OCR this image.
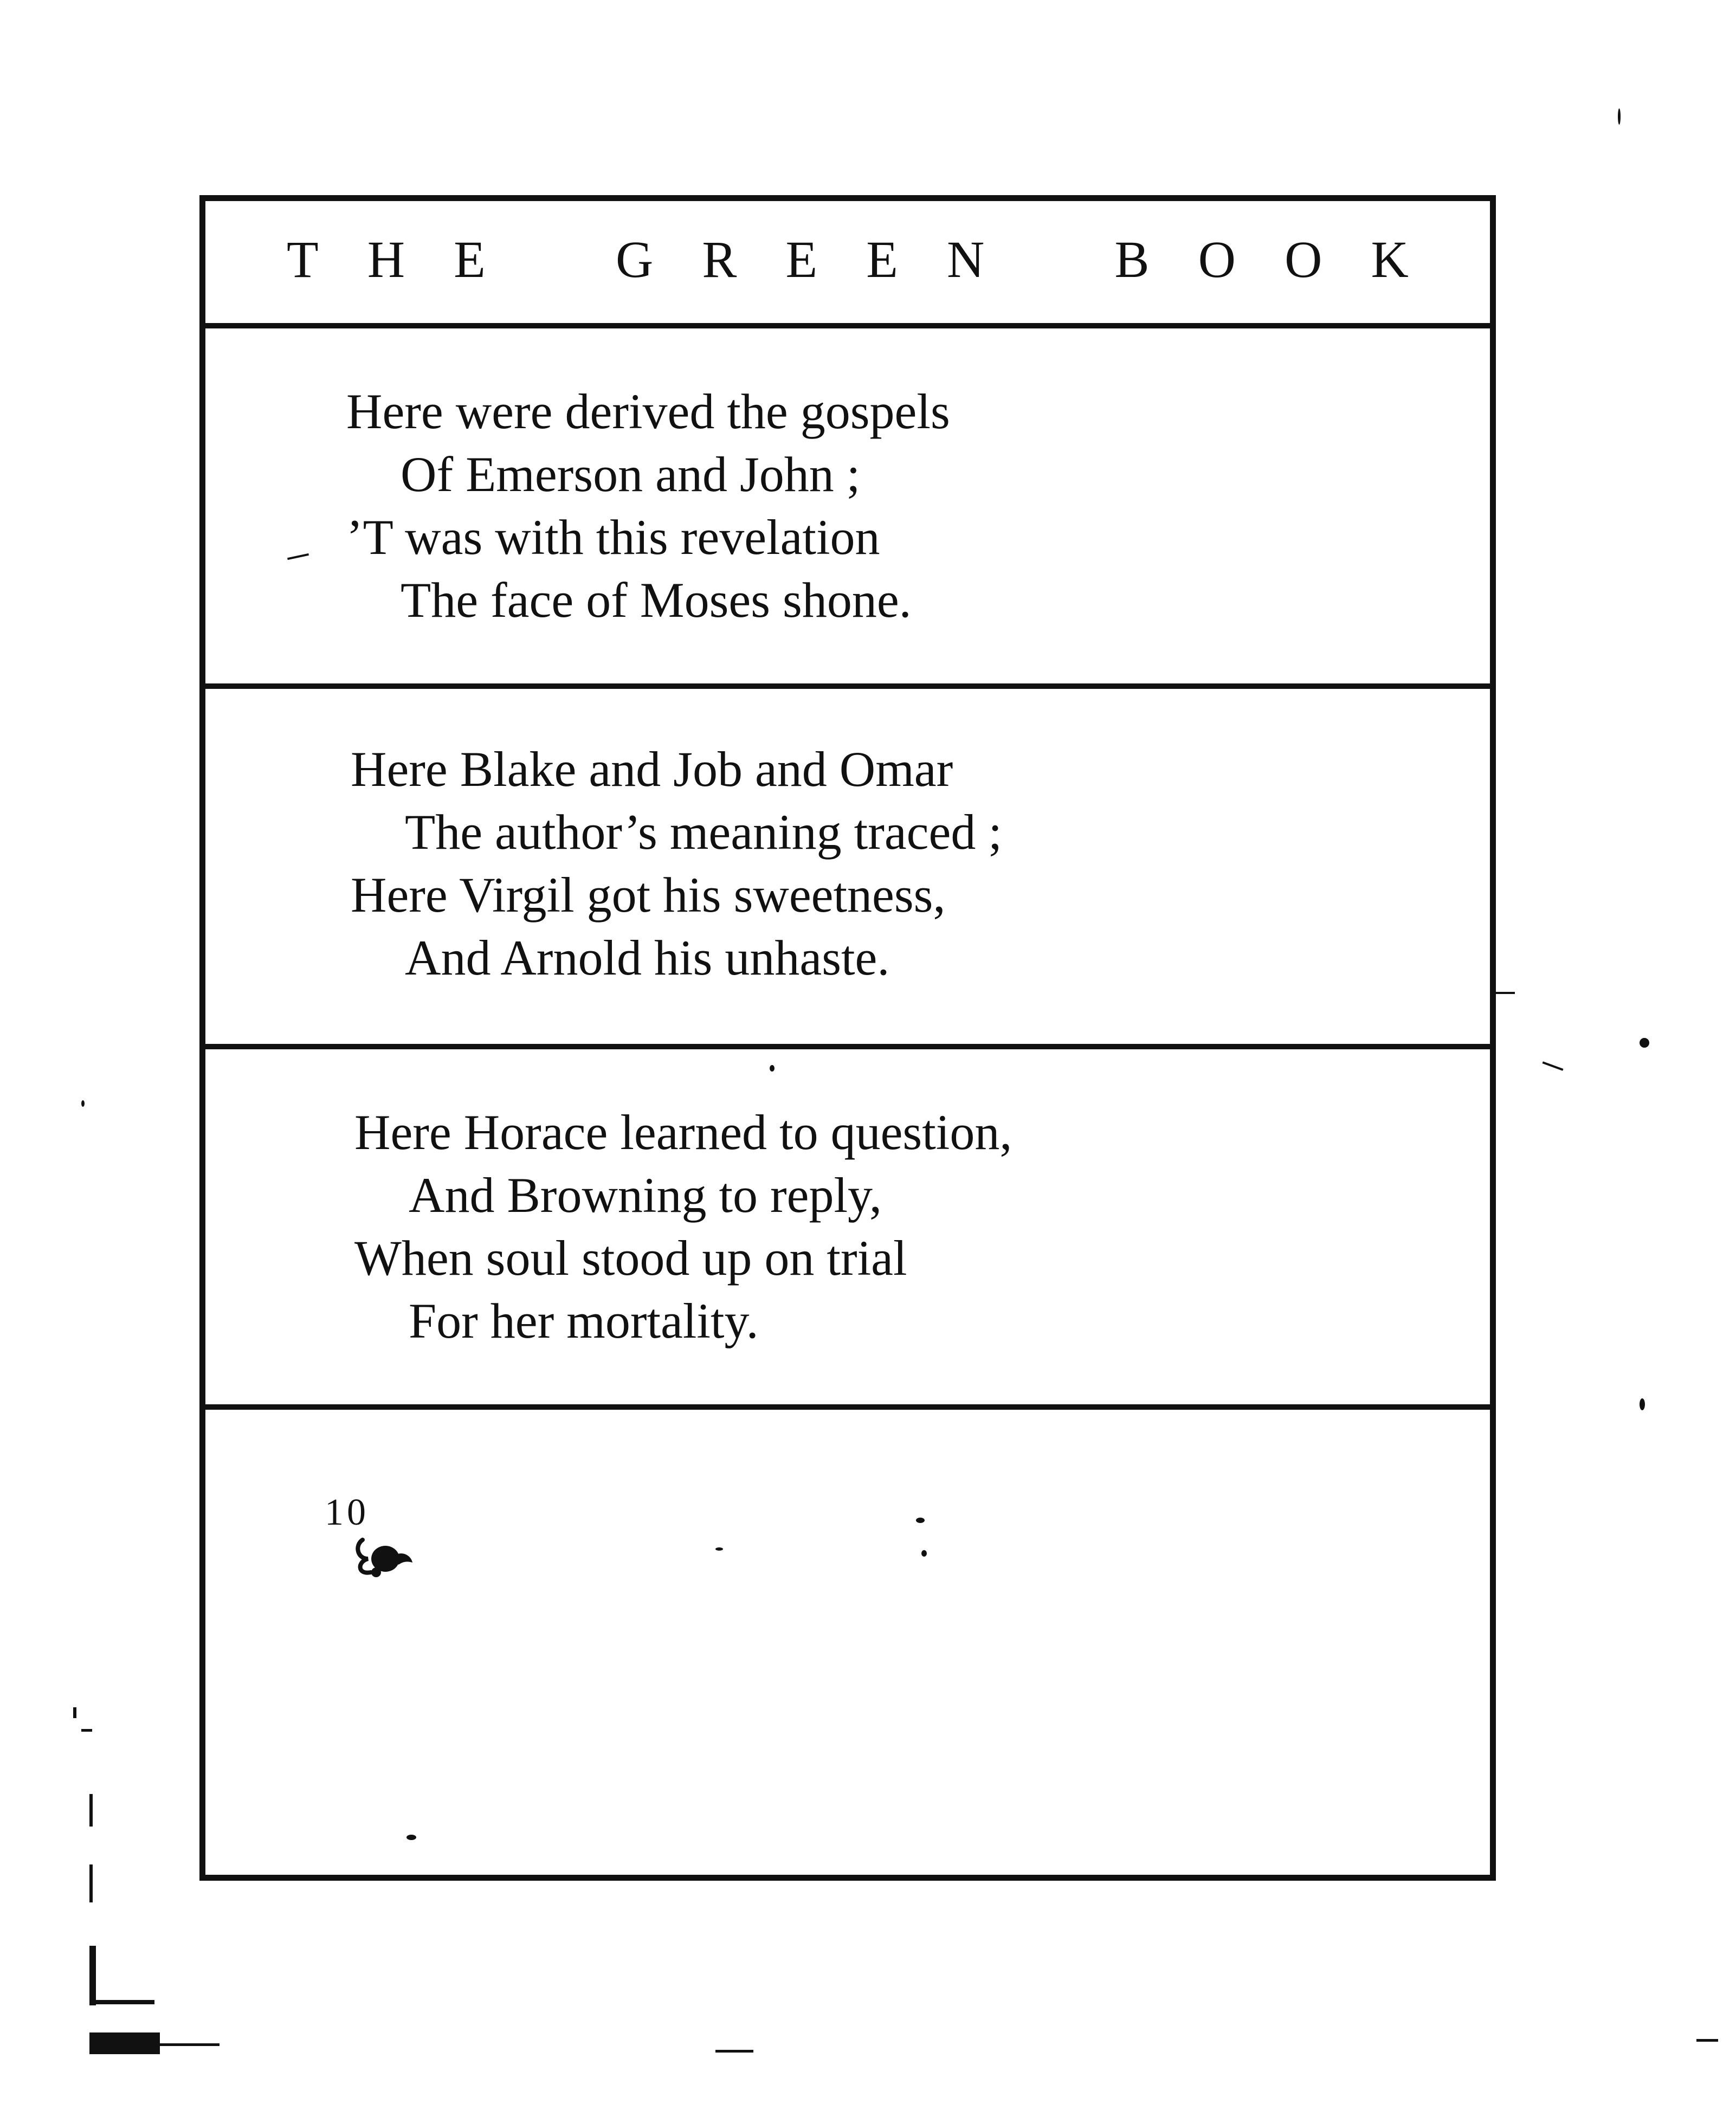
T H E	G R E E N	B O O K
Here were derived the gospels
Of Emerson and John ;
’T was with this revelation
The face of Moses shone.
Here Blake and Job and Omar
The author’s meaning traced ;
Here Virgil got his sweetness,
And Arnold his unhaste.
Here Horace learned to question,
And Browning to reply,
When soul stood up on trial
For her mortality.
10
